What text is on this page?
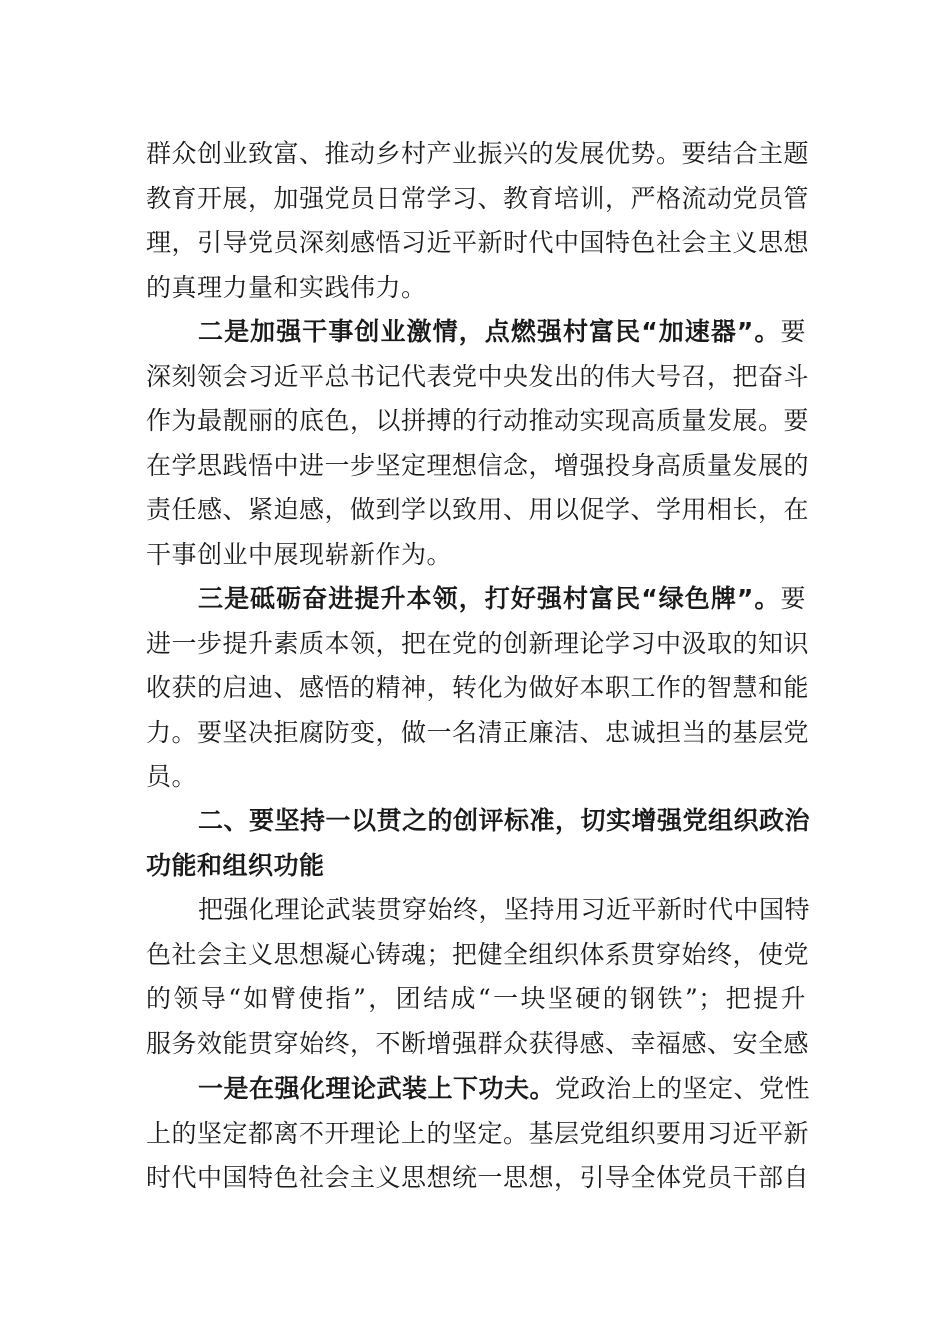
群众创业致富、推动乡村产业振兴的发展优势。要结合主题
教育开展，加强党员日常学习、教育培训，严格流动党员管
理，引导党员深刻感悟习近平新时代中国特色社会主义思想
的真理力量和实践伟力。
二是加强干事创业激情，点燃强村富民“加速器”。要
深刻领会习近平总书记代表党中央发出的伟大号召，把奋斗
作为最靓丽的底色，以拼搏的行动推动实现高质量发展。要
在学思践悟中进一步坚定理想信念，增强投身高质量发展的
责任感、紧迫感，做到学以致用、用以促学、学用相长，在
干事创业中展现崭新作为。
三是砥砺奋进提升本领，打好强村富民“绿色牌”。要
进一步提升素质本领，把在党的创新理论学习中汲取的知识
收获的启迪、感悟的精神，转化为做好本职工作的智慧和能
力。要坚决拒腐防变，做一名清正廉洁、忠诚担当的基层党
员。
二、要坚持一以贯之的创评标准，切实增强党组织政治
功能和组织功能
把强化理论武装贯穿始终，坚持用习近平新时代中国特
色社会主义思想凝心铸魂；把健全组织体系贯穿始终，使党
的领导“如臂使指”，团结成“一块坚硬的钢铁”；把提升
服务效能贯穿始终，不断增强群众获得感、幸福感、安全感
一是在强化理论武装上下功夫。党政治上的坚定、党性
上的坚定都离不开理论上的坚定。基层党组织要用习近平新
时代中国特色社会主义思想统一思想，引导全体党员干部自
